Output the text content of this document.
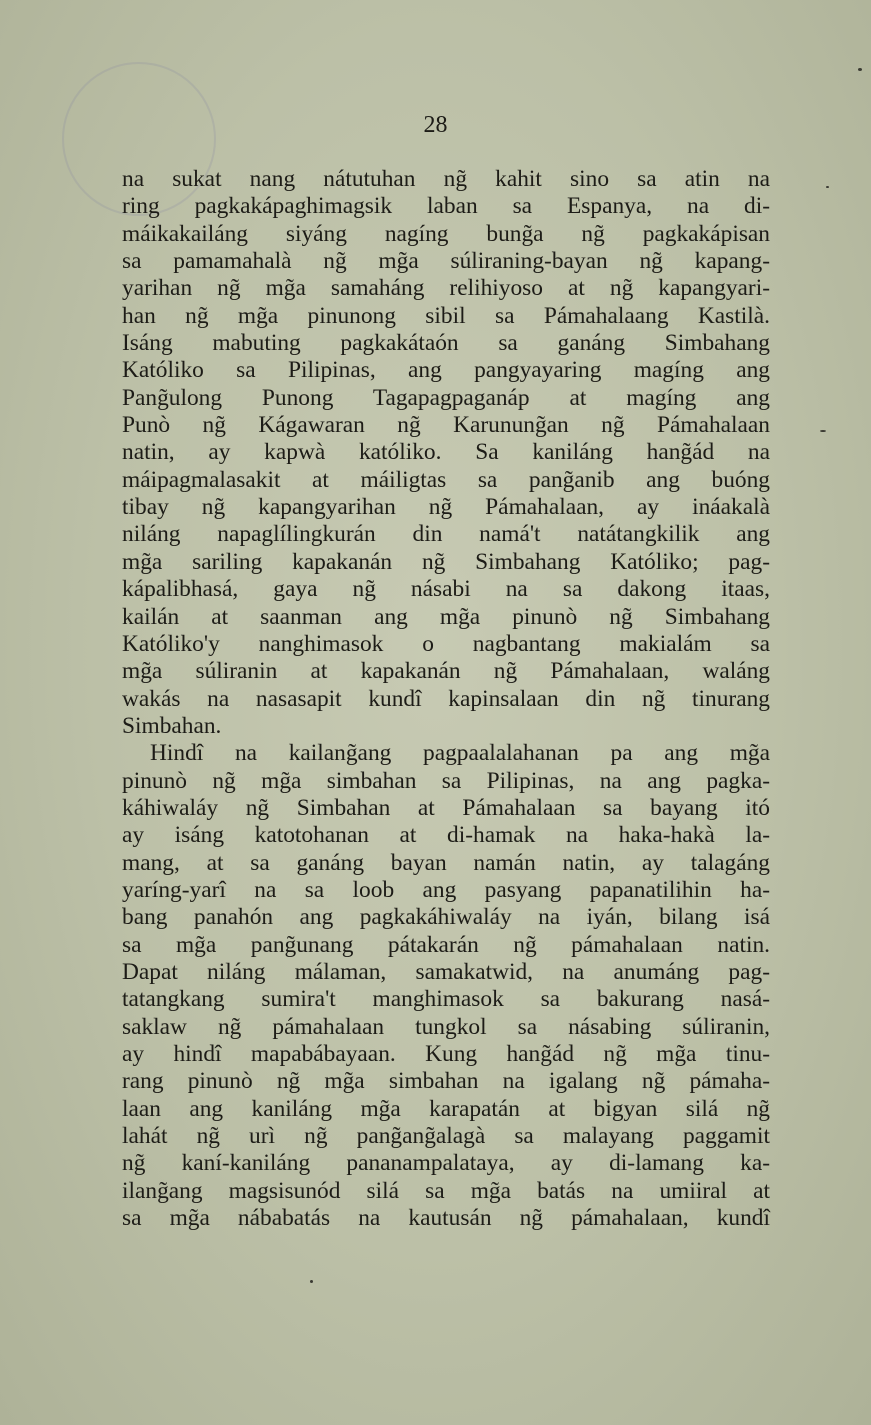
28
na sukat nang nátutuhan ng̃ kahit sino sa atin na
ring pagkakápaghimagsik laban sa Espanya, na di-
máikakailáng siyáng nagíng bung̃a ng̃ pagkakápisan
sa pamamahalà ng̃ mg̃a súliraning-bayan ng̃ kapang-
yarihan ng̃ mg̃a samaháng relihiyoso at ng̃ kapangyari-
han ng̃ mg̃a pinunong sibil sa Pámahalaang Kastilà.
Isáng mabuting pagkakátaón sa ganáng Simbahang
Katóliko sa Pilipinas, ang pangyayaring magíng ang
Pang̃ulong Punong Tagapagpaganáp at magíng ang
Punò ng̃ Kágawaran ng̃ Karunung̃an ng̃ Pámahalaan
natin, ay kapwà katóliko. Sa kaniláng hang̃ád na
máipagmalasakit at máiligtas sa pang̃anib ang buóng
tibay ng̃ kapangyarihan ng̃ Pámahalaan, ay ináakalà
niláng napaglílingkurán din namá't natátangkilik ang
mg̃a sariling kapakanán ng̃ Simbahang Katóliko; pag-
kápalibhasá, gaya ng̃ násabi na sa dakong itaas,
kailán at saanman ang mg̃a pinunò ng̃ Simbahang
Katóliko'y nanghimasok o nagbantang makialám sa
mg̃a súliranin at kapakanán ng̃ Pámahalaan, waláng
wakás na nasasapit kundî kapinsalaan din ng̃ tinurang
Simbahan.
Hindî na kailang̃ang pagpaalalahanan pa ang mg̃a
pinunò ng̃ mg̃a simbahan sa Pilipinas, na ang pagka-
káhiwaláy ng̃ Simbahan at Pámahalaan sa bayang itó
ay isáng katotohanan at di-hamak na haka-hakà la-
mang, at sa ganáng bayan namán natin, ay talagáng
yaríng-yarî na sa loob ang pasyang papanatilihin ha-
bang panahón ang pagkakáhiwaláy na iyán, bilang isá
sa mg̃a pang̃unang pátakarán ng̃ pámahalaan natin.
Dapat niláng málaman, samakatwid, na anumáng pag-
tatangkang sumira't manghimasok sa bakurang nasá-
saklaw ng̃ pámahalaan tungkol sa násabing súliranin,
ay hindî mapabábayaan. Kung hang̃ád ng̃ mg̃a tinu-
rang pinunò ng̃ mg̃a simbahan na igalang ng̃ pámaha-
laan ang kaniláng mg̃a karapatán at bigyan silá ng̃
lahát ng̃ urì ng̃ pang̃ang̃alagà sa malayang paggamit
ng̃ kaní-kaniláng pananampalataya, ay di-lamang ka-
ilang̃ang magsisunód silá sa mg̃a batás na umiiral at
sa mg̃a nábabatás na kautusán ng̃ pámahalaan, kundî
